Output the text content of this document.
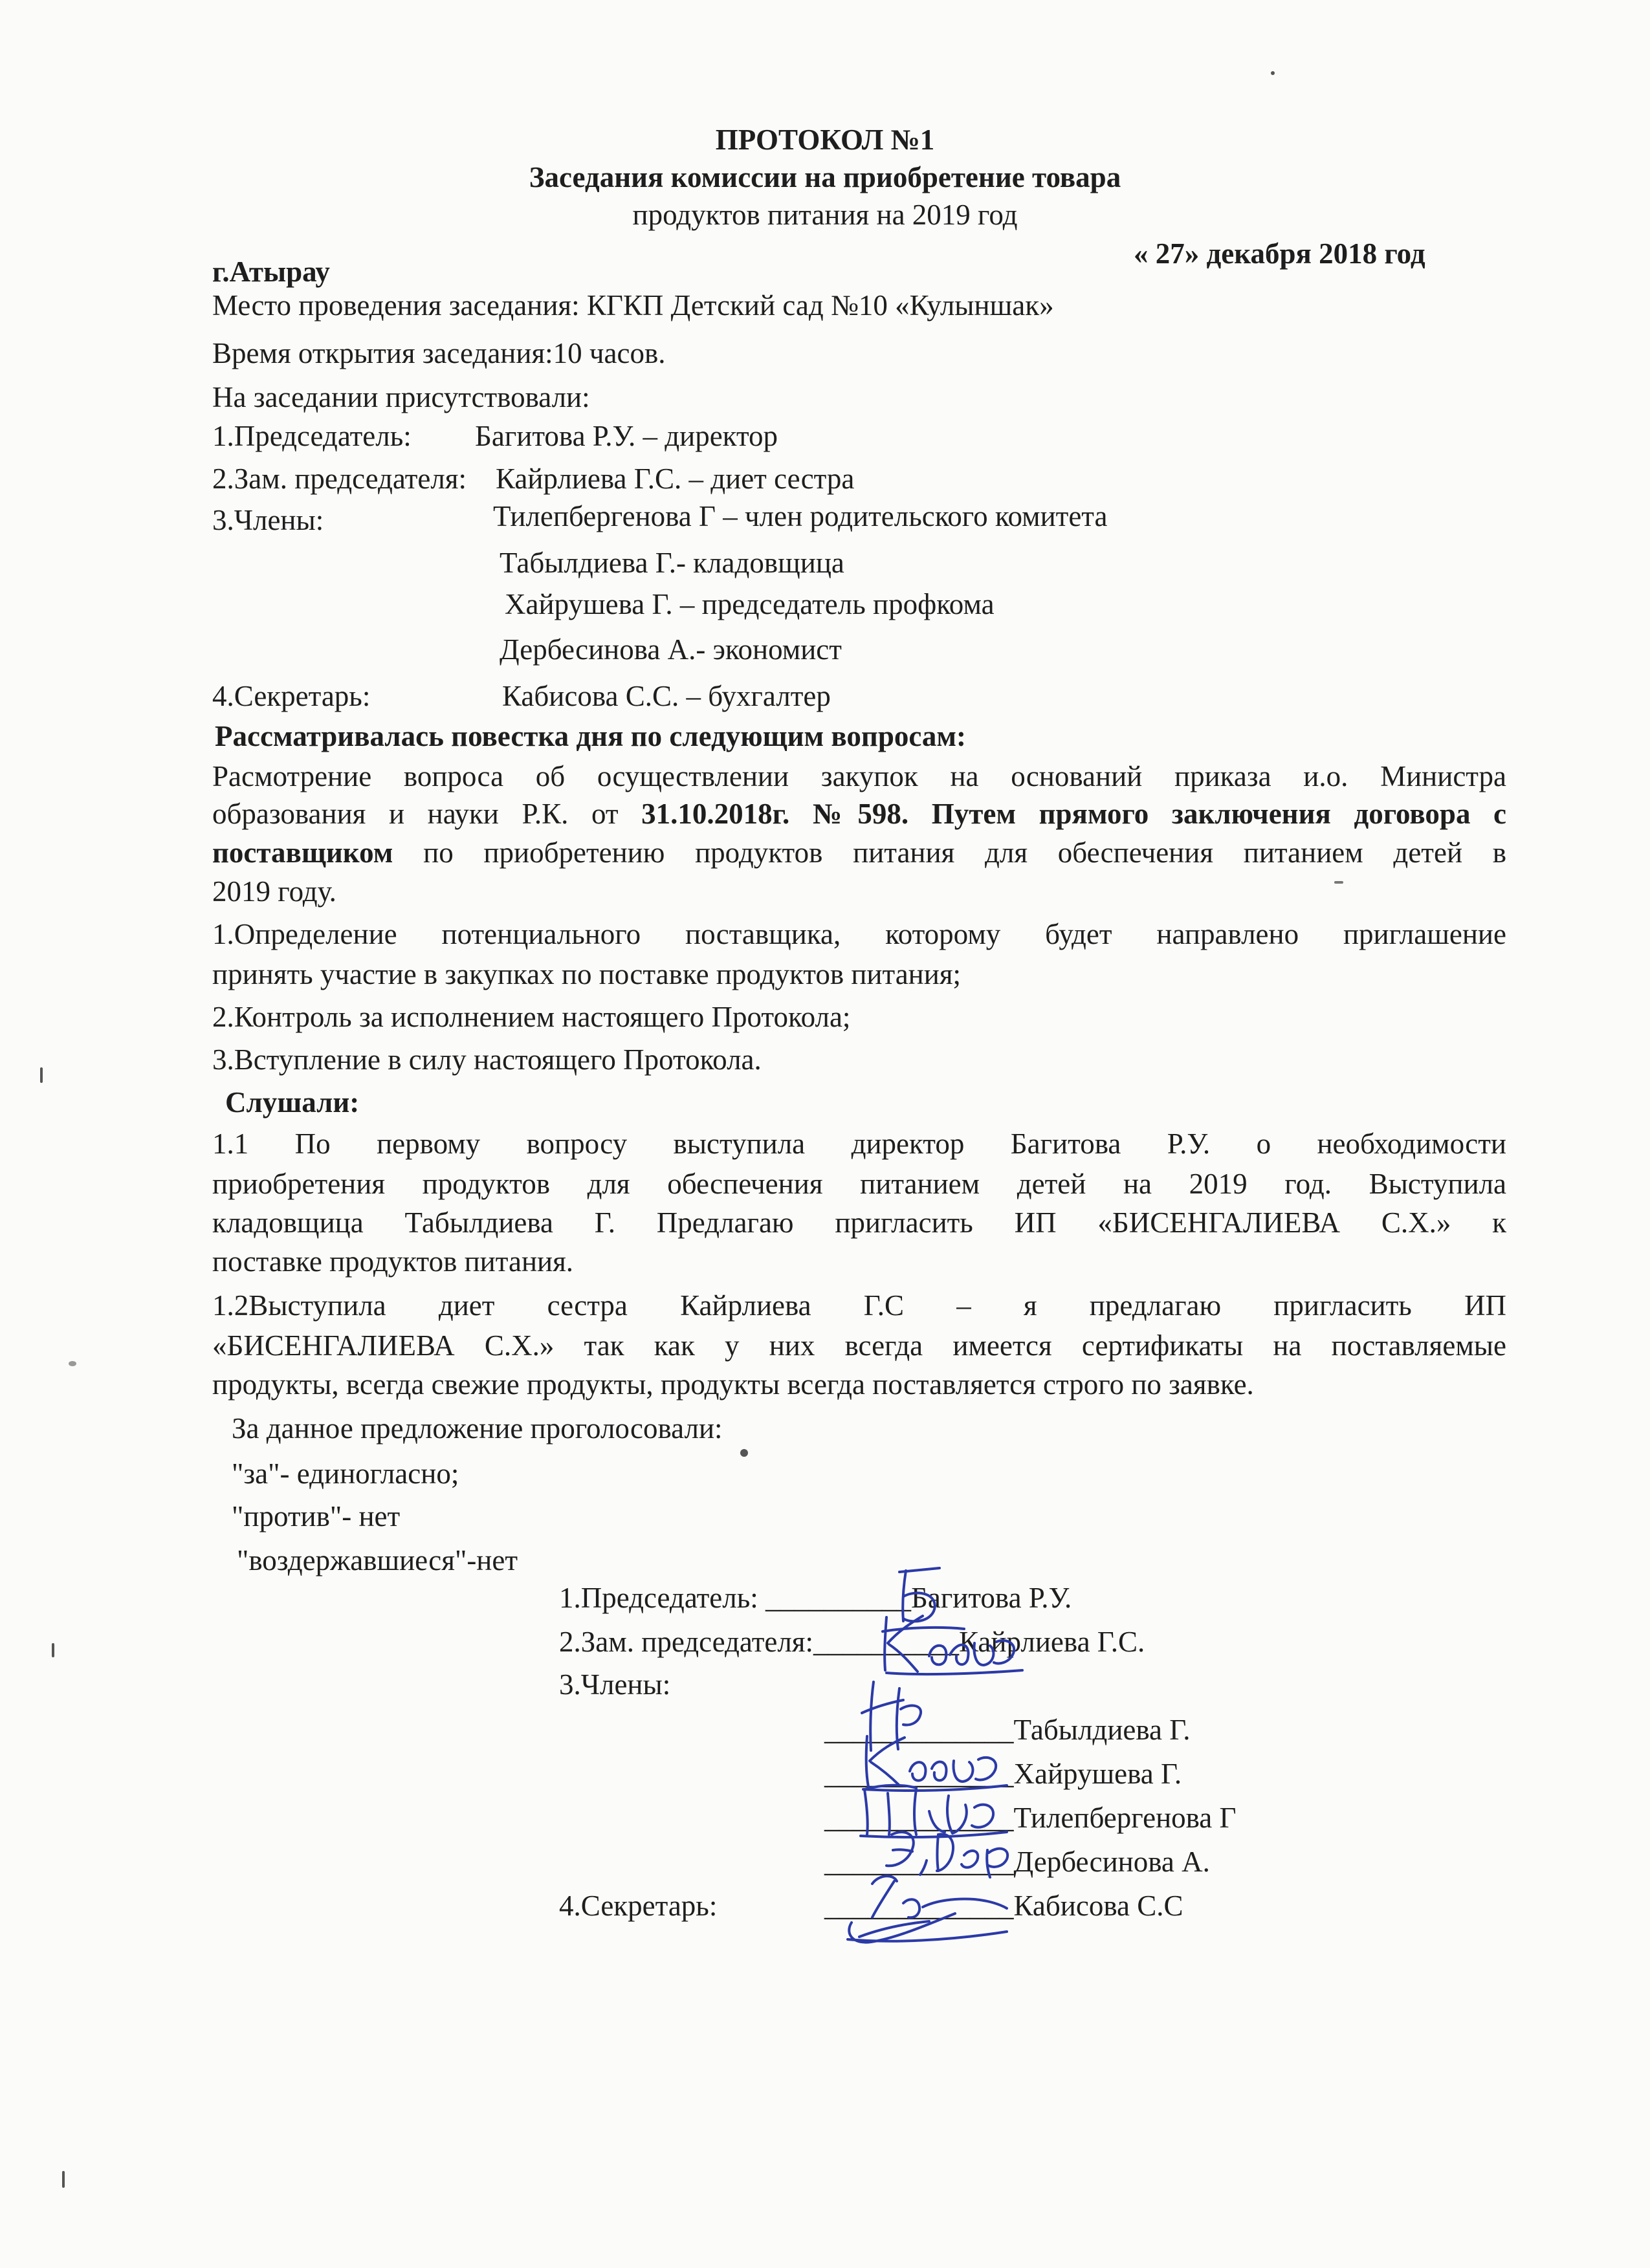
ПРОТОКОЛ №1
Заседания комиссии на приобретение товара
продуктов питания на 2019 год
« 27» декабря 2018 год
г.Атырау
Место проведения заседания: КГКП Детский сад №10 «Кулыншак»
Время открытия заседания:10 часов.
На заседании присутствовали:
1.Председатель: Багитова Р.У. – директор
2.Зам. председателя: Кайрлиева Г.С. – диет сестра
3.Члены:	Тилепбергенова Г – член родительского комитета
Табылдиева Г.- кладовщица
Хайрушева Г. – председатель профкома
Дербесинова А.- экономист
4.Секретарь:	Кабисова С.С. – бухгалтер
Рассматривалась повестка дня по следующим вопросам:
Расмотрение вопроса об осуществлении закупок на оснований приказа и.о. Министра
образования и науки Р.К. от 31.10.2018г. №598. Путем прямого заключения договора с
поставщиком по приобретению продуктов питания для обеспечения питанием детей в
2019 году.
1.Определение потенциального поставщика, которому будет направлено приглашение
принять участие в закупках по поставке продуктов питания;
2.Контроль за исполнением настоящего Протокола;
3.Вступление в силу настоящего Протокола.
Слушали:
1.1 По первому вопросу выступила директор Багитова Р.У. о необходимости
приобретения продуктов для обеспечения питанием детей на 2019 год. Выступила
кладовщица Табылдиева Г. Предлагаю пригласить ИП «БИСЕНГАЛИЕВА С.Х.» к
поставке продуктов питания.
1.2Выступила диет сестра Кайрлиева Г.С – я предлагаю пригласить ИП
«БИСЕНГАЛИЕВА С.Х.» так как у них всегда имеется сертификаты на поставляемые
продукты, всегда свежие продукты, продукты всегда поставляется строго по заявке.
За данное предложение проголосовали:
"за"- единогласно;
"против"- нет
"воздержавшиеся"-нет
1.Председатель: __________Багитова Р.У.
2.Зам. председателя:__________Кайрлиева Г.С.
3.Члены:
_____________Табылдиева Г.
_____________Хайрушева Г.
_____________Тилепбергенова Г
_____________Дербесинова А.
4.Секретарь:	_____________Кабисова С.С
